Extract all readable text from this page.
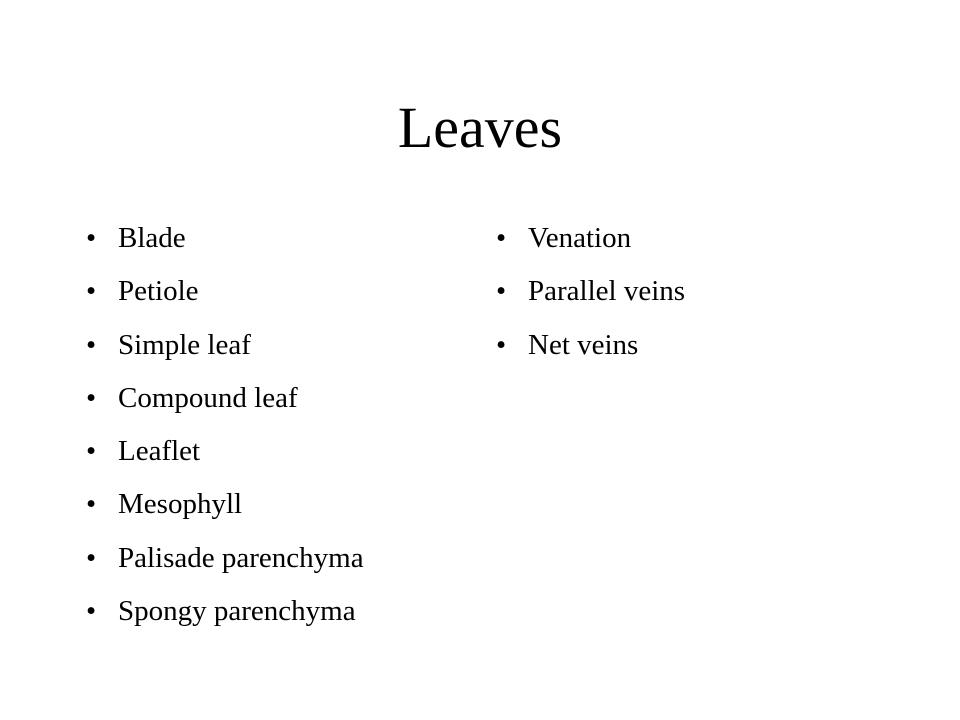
Leaves
• Blade
• Petiole
• Simple leaf
• Compound leaf
• Leaflet
• Mesophyll
• Palisade parenchyma
• Spongy parenchyma
• Venation
• Parallel veins
• Net veins
